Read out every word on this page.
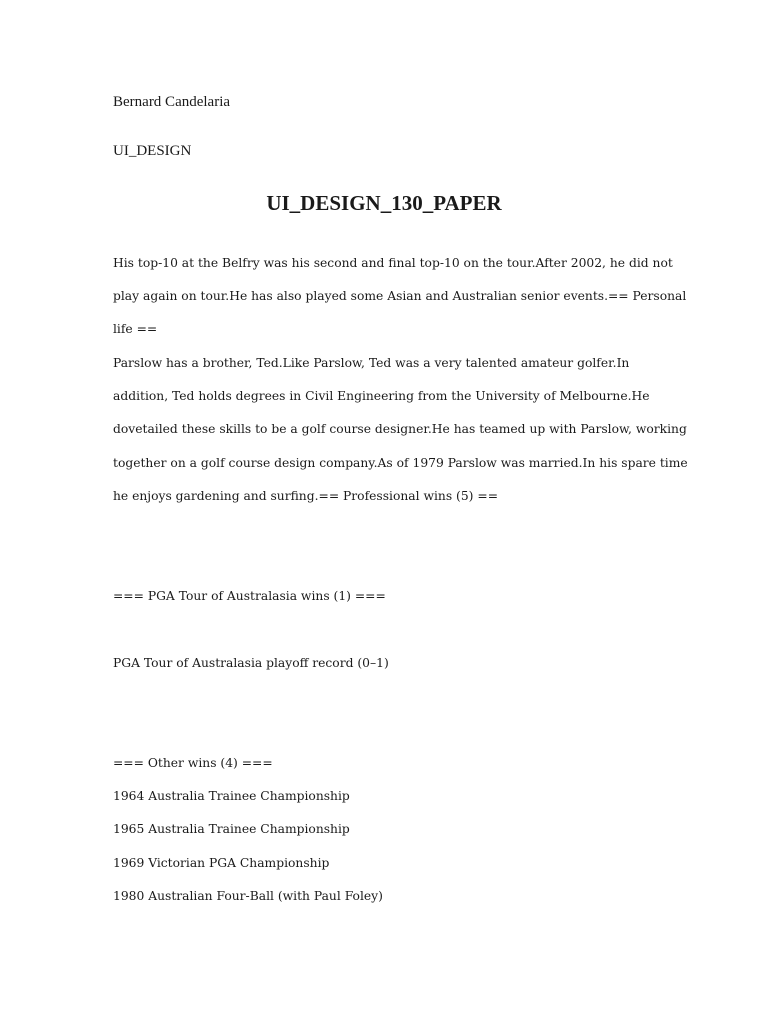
Bernard Candelaria
UI_DESIGN
UI_DESIGN_130_PAPER
His top-10 at the Belfry was his second and final top-10 on the tour.After 2002, he did not
play again on tour.He has also played some Asian and Australian senior events.== Personal
life ==
Parslow has a brother, Ted.Like Parslow, Ted was a very talented amateur golfer.In
addition, Ted holds degrees in Civil Engineering from the University of Melbourne.He
dovetailed these skills to be a golf course designer.He has teamed up with Parslow, working
together on a golf course design company.As of 1979 Parslow was married.In his spare time
he enjoys gardening and surfing.== Professional wins (5) ==
=== PGA Tour of Australasia wins (1) ===
PGA Tour of Australasia playoff record (0–1)
=== Other wins (4) ===
1964 Australia Trainee Championship
1965 Australia Trainee Championship
1969 Victorian PGA Championship
1980 Australian Four-Ball (with Paul Foley)
